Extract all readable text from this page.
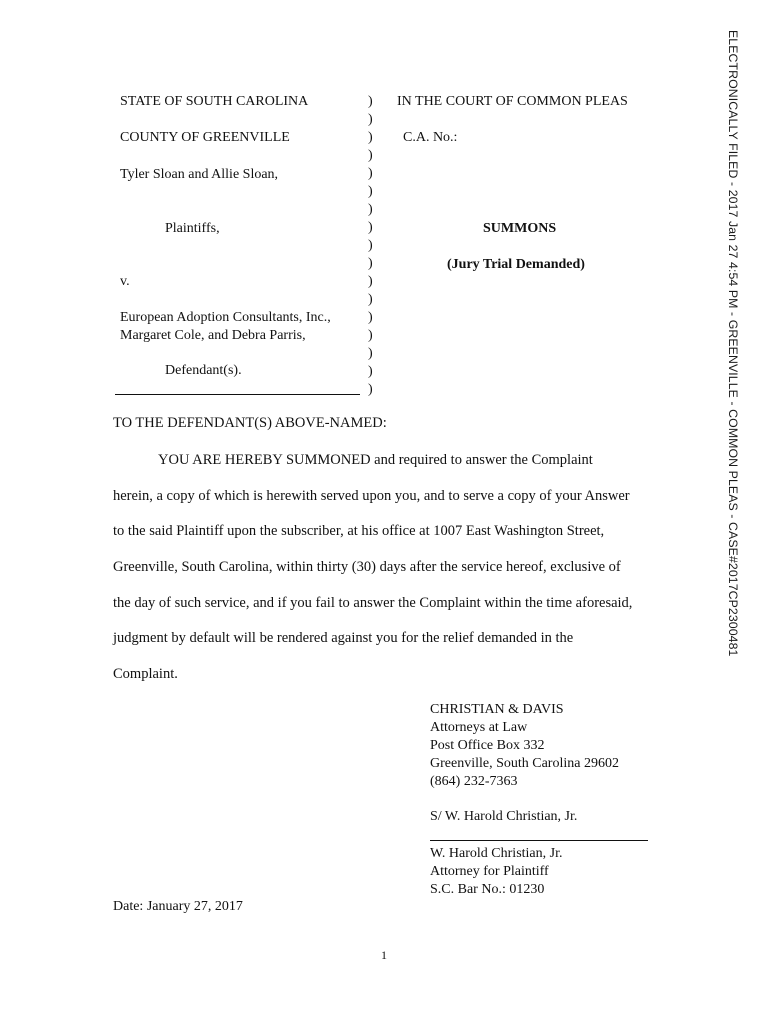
ELECTRONICALLY FILED - 2017 Jan 27 4:54 PM - GREENVILLE - COMMON PLEAS - CASE#2017CP2300481
STATE OF SOUTH CAROLINA
COUNTY OF GREENVILLE
Tyler Sloan and Allie Sloan,
Plaintiffs,
v.
European Adoption Consultants, Inc.,
Margaret Cole, and Debra Parris,
Defendant(s).
)
)
)
)
)
)
)
)
)
)
)
)
)
)
)
)
)
IN THE COURT OF COMMON PLEAS
C.A. No.:
SUMMONS
(Jury Trial Demanded)
TO THE DEFENDANT(S) ABOVE-NAMED:
YOU ARE HEREBY SUMMONED and required to answer the Complaint
herein, a copy of which is herewith served upon you, and to serve a copy of your Answer
to the said Plaintiff upon the subscriber, at his office at 1007 East Washington Street,
Greenville, South Carolina, within thirty (30) days after the service hereof, exclusive of
the day of such service, and if you fail to answer the Complaint within the time aforesaid,
judgment by default will be rendered against you for the relief demanded in the
Complaint.
CHRISTIAN & DAVIS
Attorneys at Law
Post Office Box 332
Greenville, South Carolina 29602
(864) 232-7363
S/ W. Harold Christian, Jr.
W. Harold Christian, Jr.
Attorney for Plaintiff
S.C. Bar No.: 01230
Date: January 27, 2017
1
